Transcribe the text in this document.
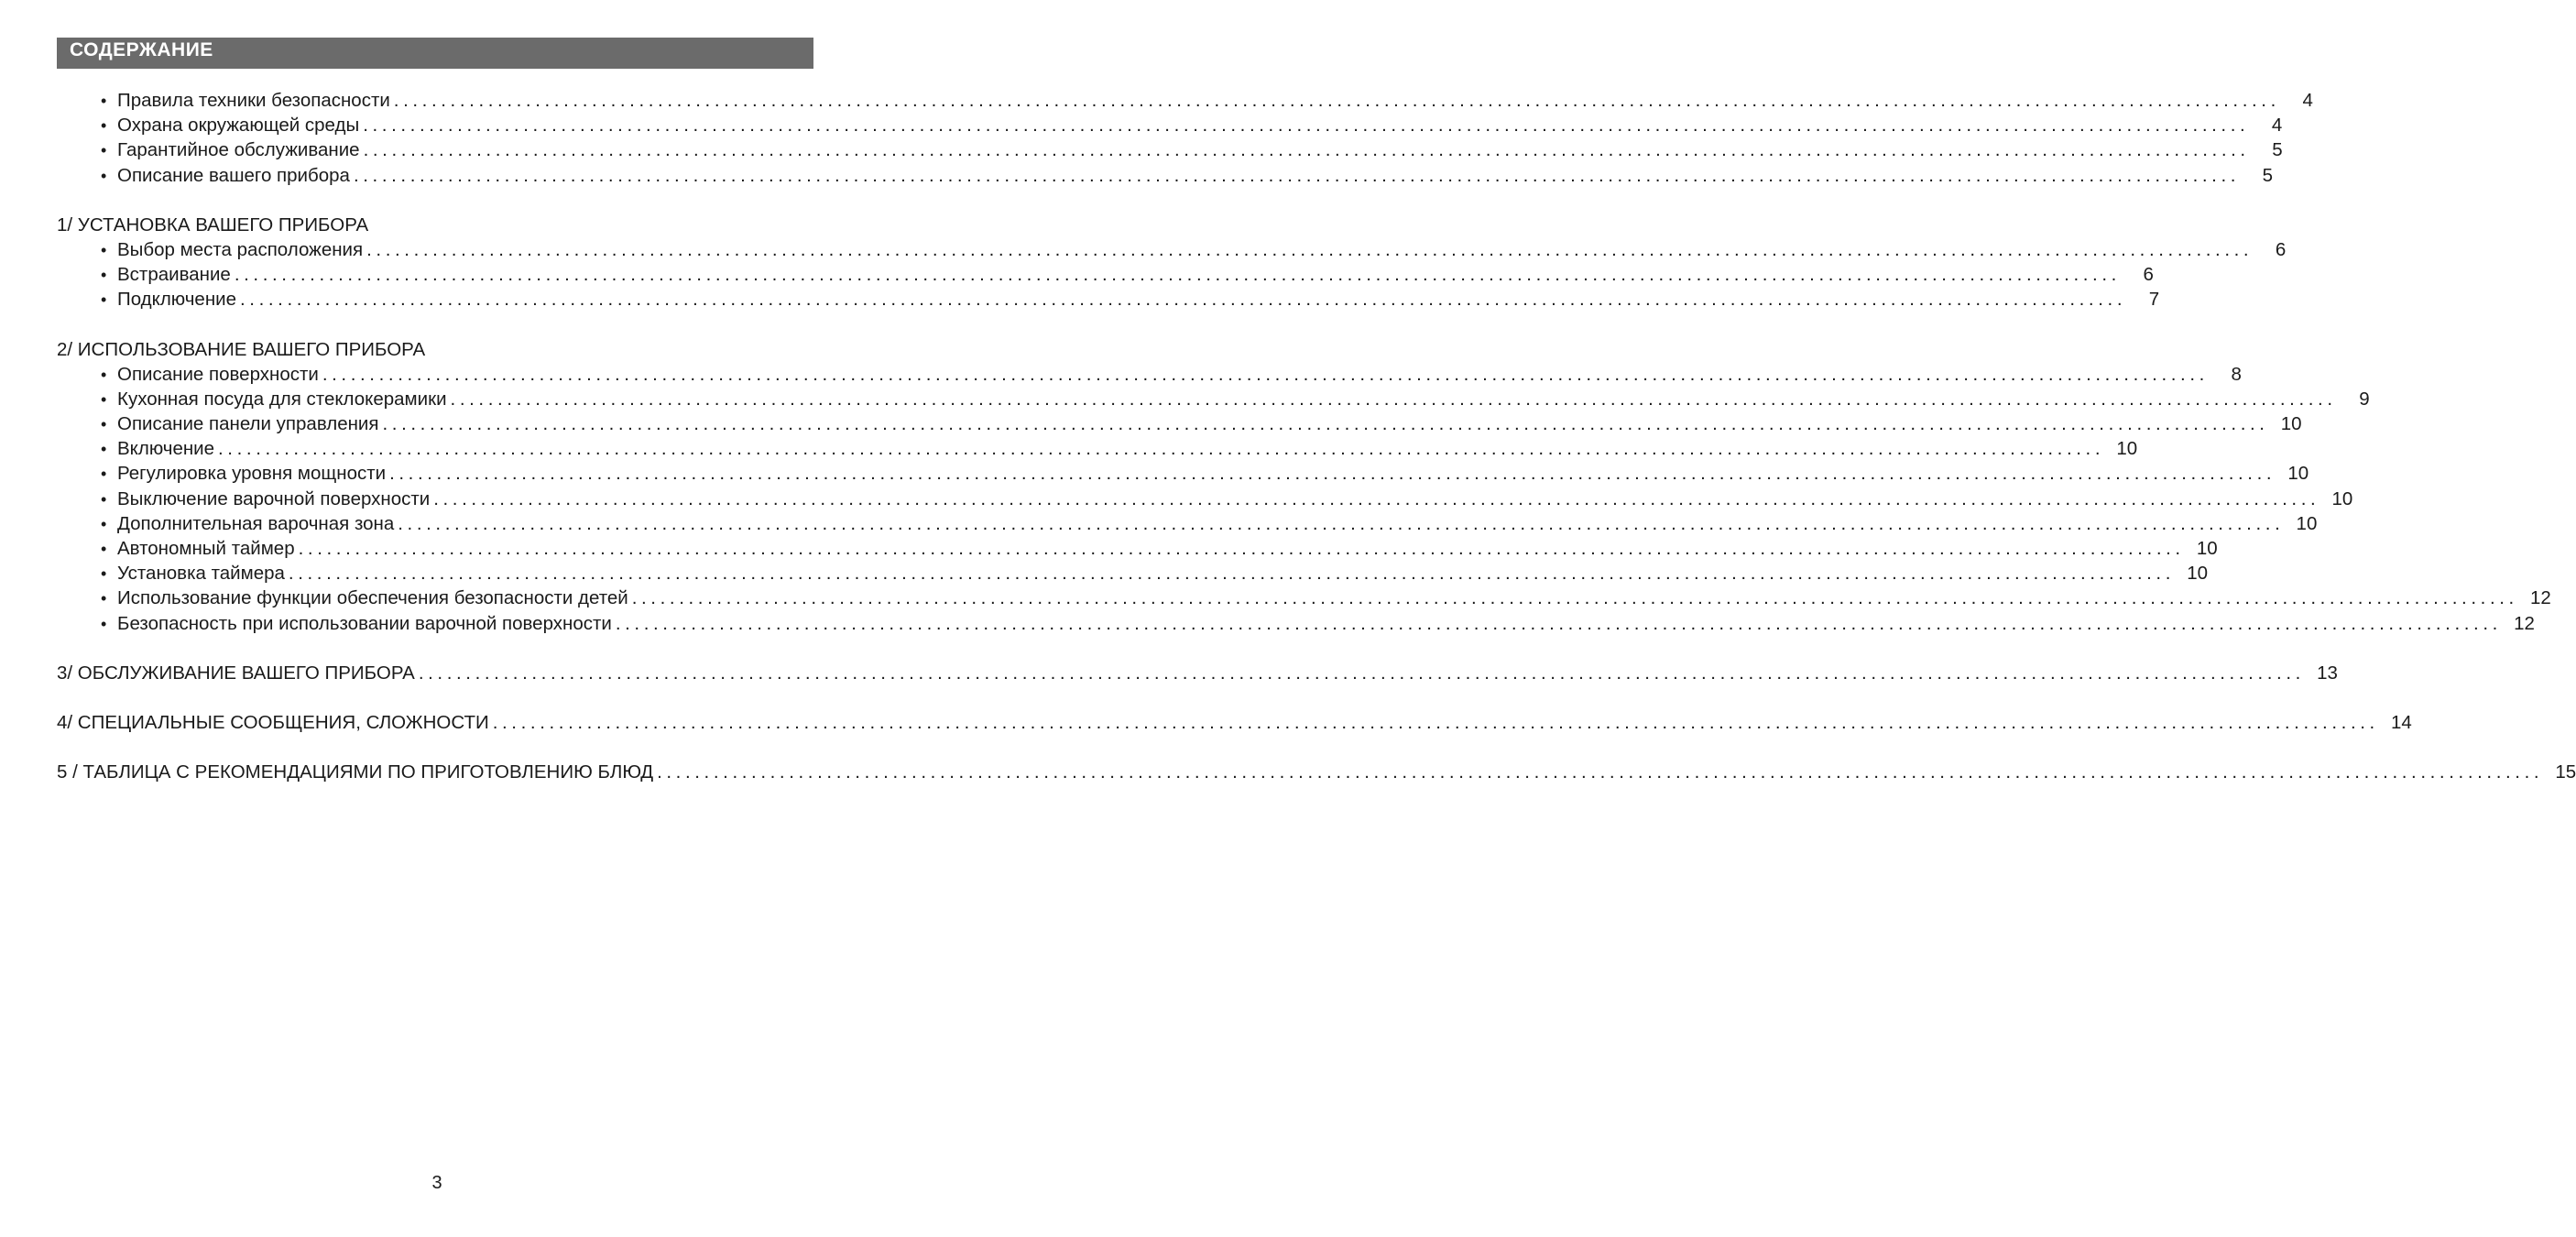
СОДЕРЖАНИЕ
• Правила техники безопасности ........................................................................................................................................................................................................	4
• Охрана окружающей среды ........................................................................................................................................................................................................	4
• Гарантийное обслуживание ........................................................................................................................................................................................................	5
• Описание вашего прибора ........................................................................................................................................................................................................	5
1/ УСТАНОВКА ВАШЕГО ПРИБОРА
• Выбор места расположения ........................................................................................................................................................................................................	6
• Встраивание ........................................................................................................................................................................................................	6
• Подключение ........................................................................................................................................................................................................	7
2/ ИСПОЛЬЗОВАНИЕ ВАШЕГО ПРИБОРА
• Описание поверхности ........................................................................................................................................................................................................	8
• Кухонная посуда для стеклокерамики ........................................................................................................................................................................................................	9
• Описание панели управления ........................................................................................................................................................................................................ 10
• Включение ........................................................................................................................................................................................................ 10
• Регулировка уровня мощности ........................................................................................................................................................................................................ 10
• Выключение варочной поверхности ........................................................................................................................................................................................................ 10
• Дополнительная варочная зона ........................................................................................................................................................................................................ 10
• Автономный таймер ........................................................................................................................................................................................................ 10
• Установка таймера ........................................................................................................................................................................................................ 10
• Использование функции обеспечения безопасности детей ........................................................................................................................................................................................................ 12
• Безопасность при использовании варочной поверхности ........................................................................................................................................................................................................ 12
3/ ОБСЛУЖИВАНИЕ ВАШЕГО ПРИБОРА ........................................................................................................................................................................................................ 13
4/ СПЕЦИАЛЬНЫЕ СООБЩЕНИЯ, СЛОЖНОСТИ ........................................................................................................................................................................................................ 14
5 / ТАБЛИЦА С РЕКОМЕНДАЦИЯМИ ПО ПРИГОТОВЛЕНИЮ БЛЮД ........................................................................................................................................................................................................ 15
3
